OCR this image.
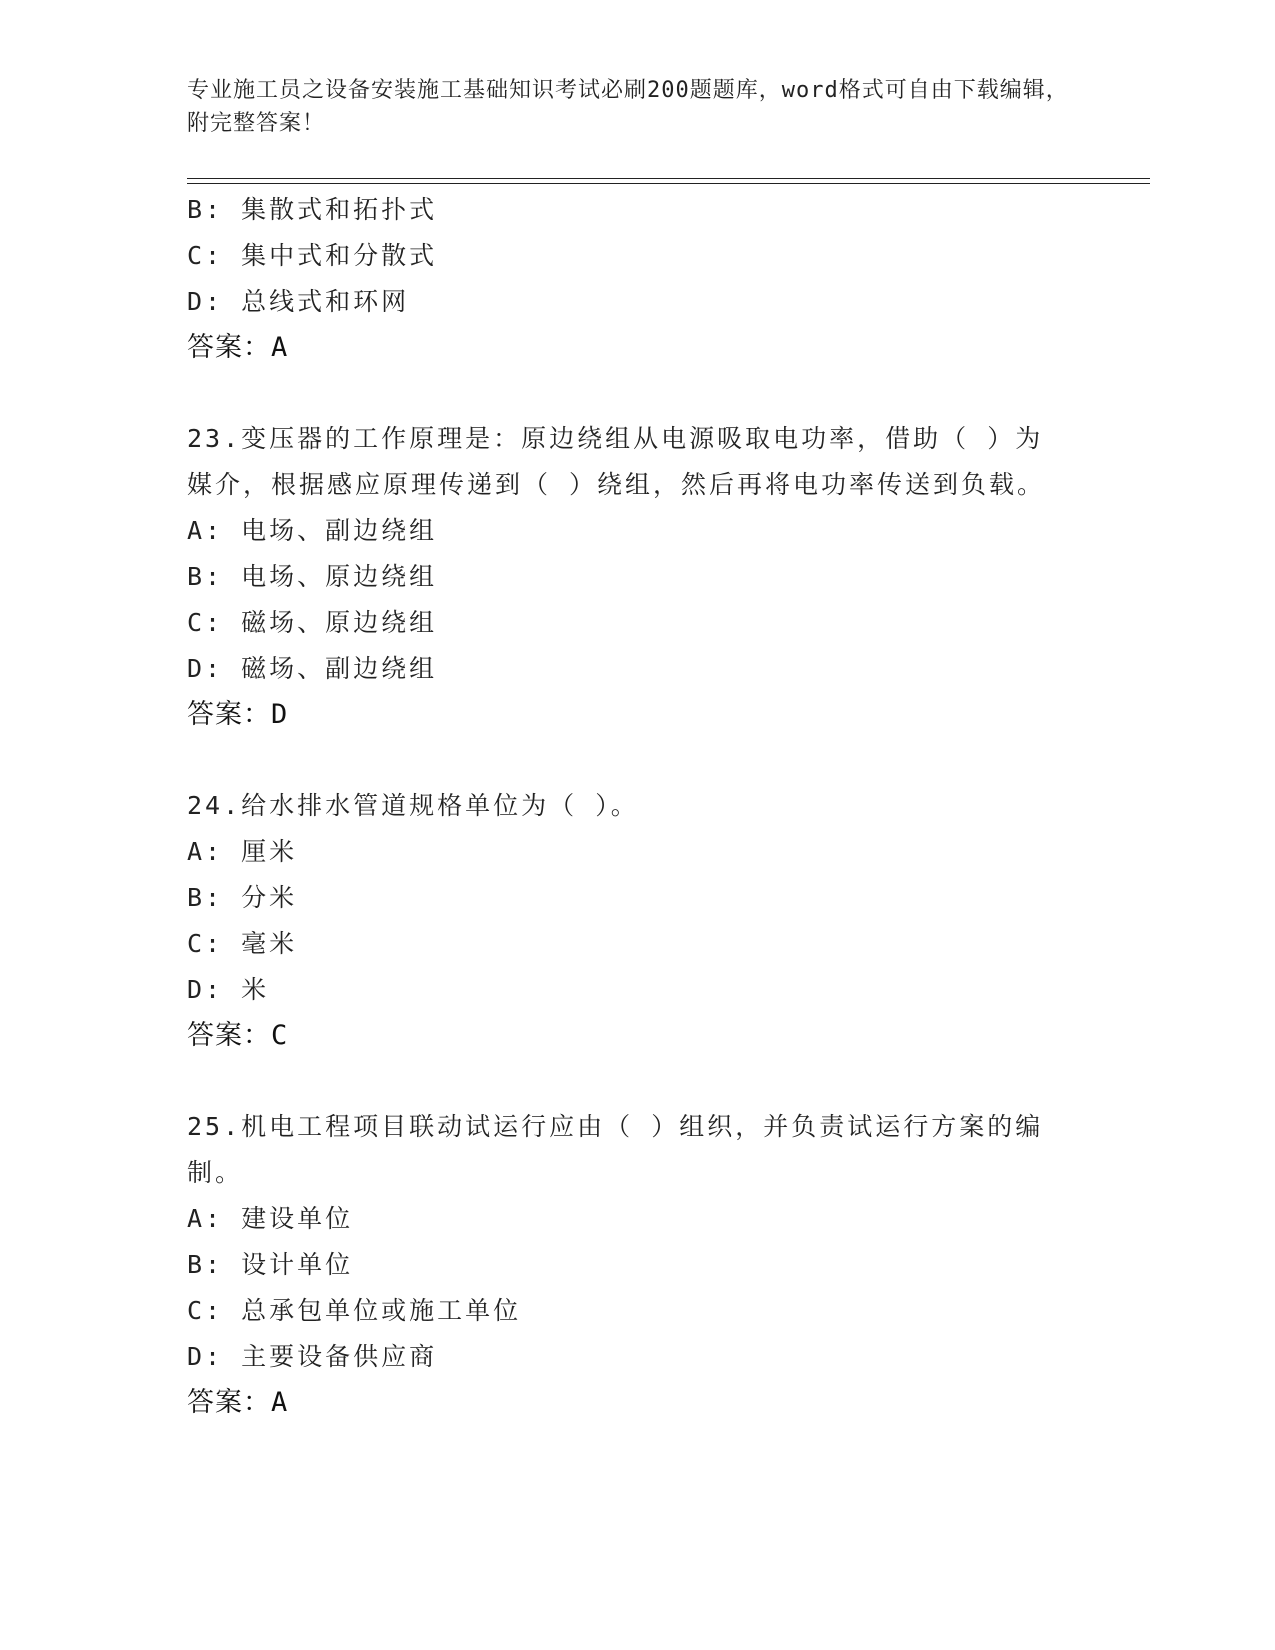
专业施工员之设备安装施工基础知识考试必刷200题题库，word格式可自由下载编辑，附完整答案！
B: 集散式和拓扑式
C: 集中式和分散式
D: 总线式和环网
答案：A
23.变压器的工作原理是：原边绕组从电源吸取电功率，借助（ ）为媒介，根据感应原理传递到（ ）绕组，然后再将电功率传送到负载。
A: 电场、副边绕组
B: 电场、原边绕组
C: 磁场、原边绕组
D: 磁场、副边绕组
答案：D
24.给水排水管道规格单位为（ ）。
A: 厘米
B: 分米
C: 毫米
D: 米
答案：C
25.机电工程项目联动试运行应由（ ）组织，并负责试运行方案的编制。
A: 建设单位
B: 设计单位
C: 总承包单位或施工单位
D: 主要设备供应商
答案：A
